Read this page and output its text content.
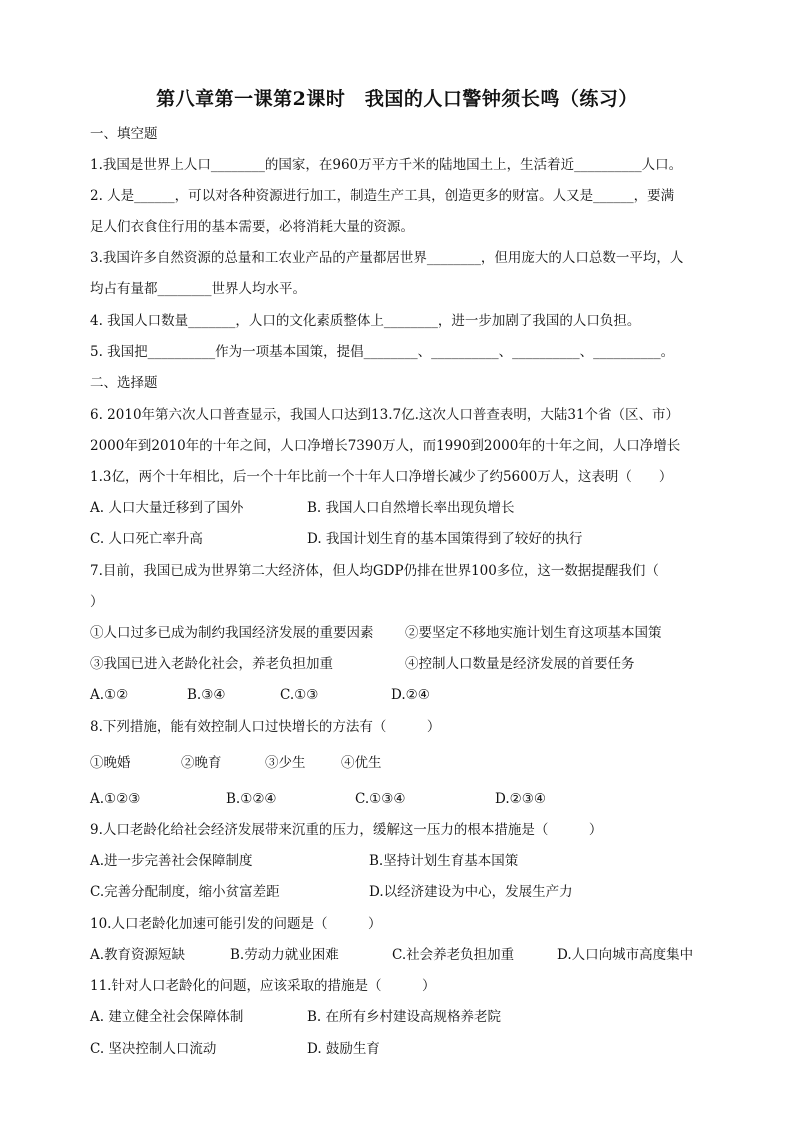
第八章第一课第2课时　我国的人口警钟须长鸣（练习）
一、填空题
1.我国是世界上人口________的国家，在960万平方千米的陆地国土上，生活着近__________人口。
2. 人是______，可以对各种资源进行加工，制造生产工具，创造更多的财富。人又是______，要满
足人们衣食住行用的基本需要，必将消耗大量的资源。
3.我国许多自然资源的总量和工农业产品的产量都居世界________，但用庞大的人口总数一平均，人
均占有量都________世界人均水平。
4. 我国人口数量_______，人口的文化素质整体上________，进一步加剧了我国的人口负担。
5. 我国把__________作为一项基本国策，提倡________、__________、__________、__________。
二、选择题
6. 2010年第六次人口普查显示，我国人口达到13.7亿.这次人口普查表明，大陆31个省（区、市）
2000年到2010年的十年之间，人口净增长7390万人，而1990到2000年的十年之间，人口净增长
1.3亿，两个十年相比，后一个十年比前一个十年人口净增长减少了约5600万人，这表明（　　）
A. 人口大量迁移到了国外	B. 我国人口自然增长率出现负增长
C. 人口死亡率升高	D. 我国计划生育的基本国策得到了较好的执行
7.目前，我国已成为世界第二大经济体，但人均GDP仍排在世界100多位，这一数据提醒我们（
）
①人口过多已成为制约我国经济发展的重要因素 ②要坚定不移地实施计划生育这项基本国策
③我国已进入老龄化社会，养老负担加重	④控制人口数量是经济发展的首要任务
A.①②	B.③④	C.①③	D.②④
8.下列措施，能有效控制人口过快增长的方法有（　　　）
①晚婚	②晚育	③少生	④优生
A.①②③	B.①②④	C.①③④	D.②③④
9.人口老龄化给社会经济发展带来沉重的压力，缓解这一压力的根本措施是（　　　）
A.进一步完善社会保障制度	B.坚持计划生育基本国策
C.完善分配制度，缩小贫富差距	D.以经济建设为中心，发展生产力
10.人口老龄化加速可能引发的问题是（　　　）
A.教育资源短缺	B.劳动力就业困难	C.社会养老负担加重	D.人口向城市高度集中
11.针对人口老龄化的问题，应该采取的措施是（　　　）
A. 建立健全社会保障体制	B. 在所有乡村建设高规格养老院
C. 坚决控制人口流动	D. 鼓励生育
